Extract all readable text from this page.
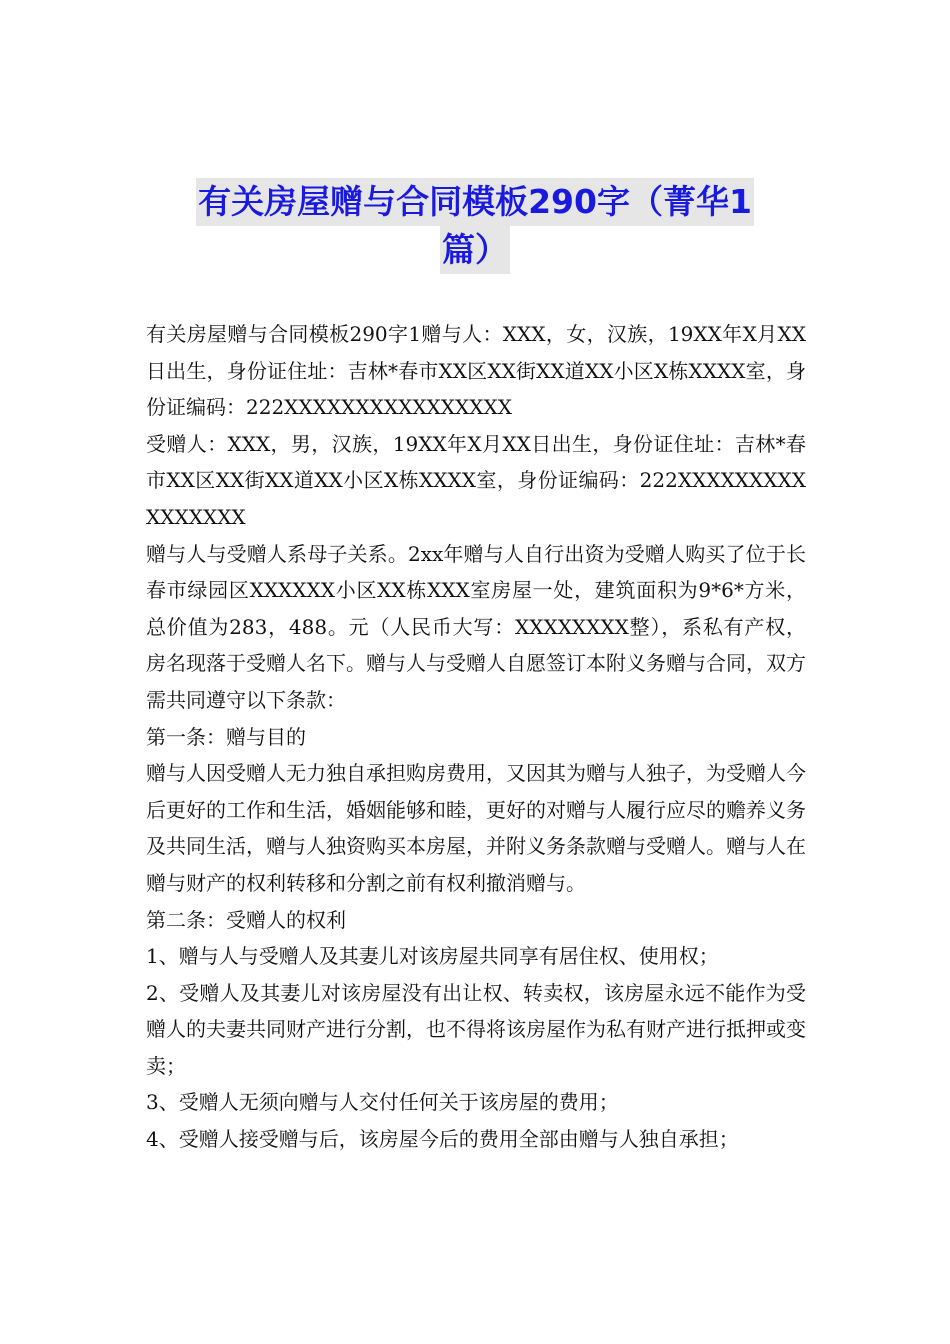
有关房屋赠与合同模板290字（菁华1
篇）

有关房屋赠与合同模板290字1赠与人：XXX，女，汉族，19XX年X月XX日出生，身份证住址：吉林*春市XX区XX街XX道XX小区X栋XXXX室，身份证编码：222XXXXXXXXXXXXXXXX

受赠人：XXX，男，汉族，19XX年X月XX日出生，身份证住址：吉林*春市XX区XX街XX道XX小区X栋XXXX室，身份证编码：222XXXXXXXXXXXXXXXX

赠与人与受赠人系母子关系。2xx年赠与人自行出资为受赠人购买了位于长春市绿园区XXXXXX小区XX栋XXX室房屋一处，建筑面积为9*6*方米，总价值为283，488。元（人民币大写：XXXXXXXX整），系私有产权，房名现落于受赠人名下。赠与人与受赠人自愿签订本附义务赠与合同，双方需共同遵守以下条款：

第一条：赠与目的

赠与人因受赠人无力独自承担购房费用，又因其为赠与人独子，为受赠人今后更好的工作和生活，婚姻能够和睦，更好的对赠与人履行应尽的赡养义务及共同生活，赠与人独资购买本房屋，并附义务条款赠与受赠人。赠与人在赠与财产的权利转移和分割之前有权利撤消赠与。

第二条：受赠人的权利

1、赠与人与受赠人及其妻儿对该房屋共同享有居住权、使用权；

2、受赠人及其妻儿对该房屋没有出让权、转卖权，该房屋永远不能作为受赠人的夫妻共同财产进行分割，也不得将该房屋作为私有财产进行抵押或变卖；

3、受赠人无须向赠与人交付任何关于该房屋的费用；

4、受赠人接受赠与后，该房屋今后的费用全部由赠与人独自承担；
